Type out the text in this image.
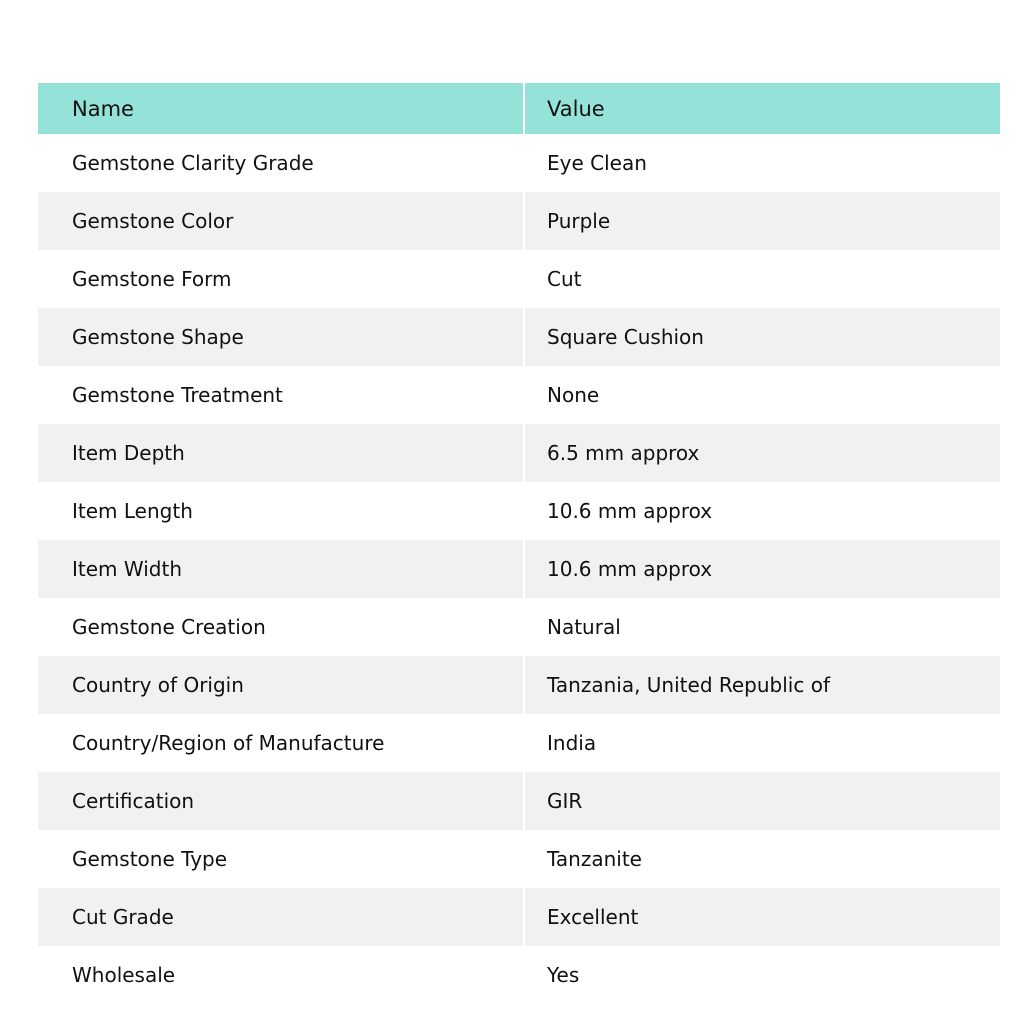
Name	Value
Gemstone Clarity Grade	Eye Clean
Gemstone Color	Purple
Gemstone Form	Cut
Gemstone Shape	Square Cushion
Gemstone Treatment	None
Item Depth	6.5 mm approx
Item Length	10.6 mm approx
Item Width	10.6 mm approx
Gemstone Creation	Natural
Country of Origin	Tanzania, United Republic of
Country/Region of Manufacture	India
Certification	GIR
Gemstone Type	Tanzanite
Cut Grade	Excellent
Wholesale	Yes
